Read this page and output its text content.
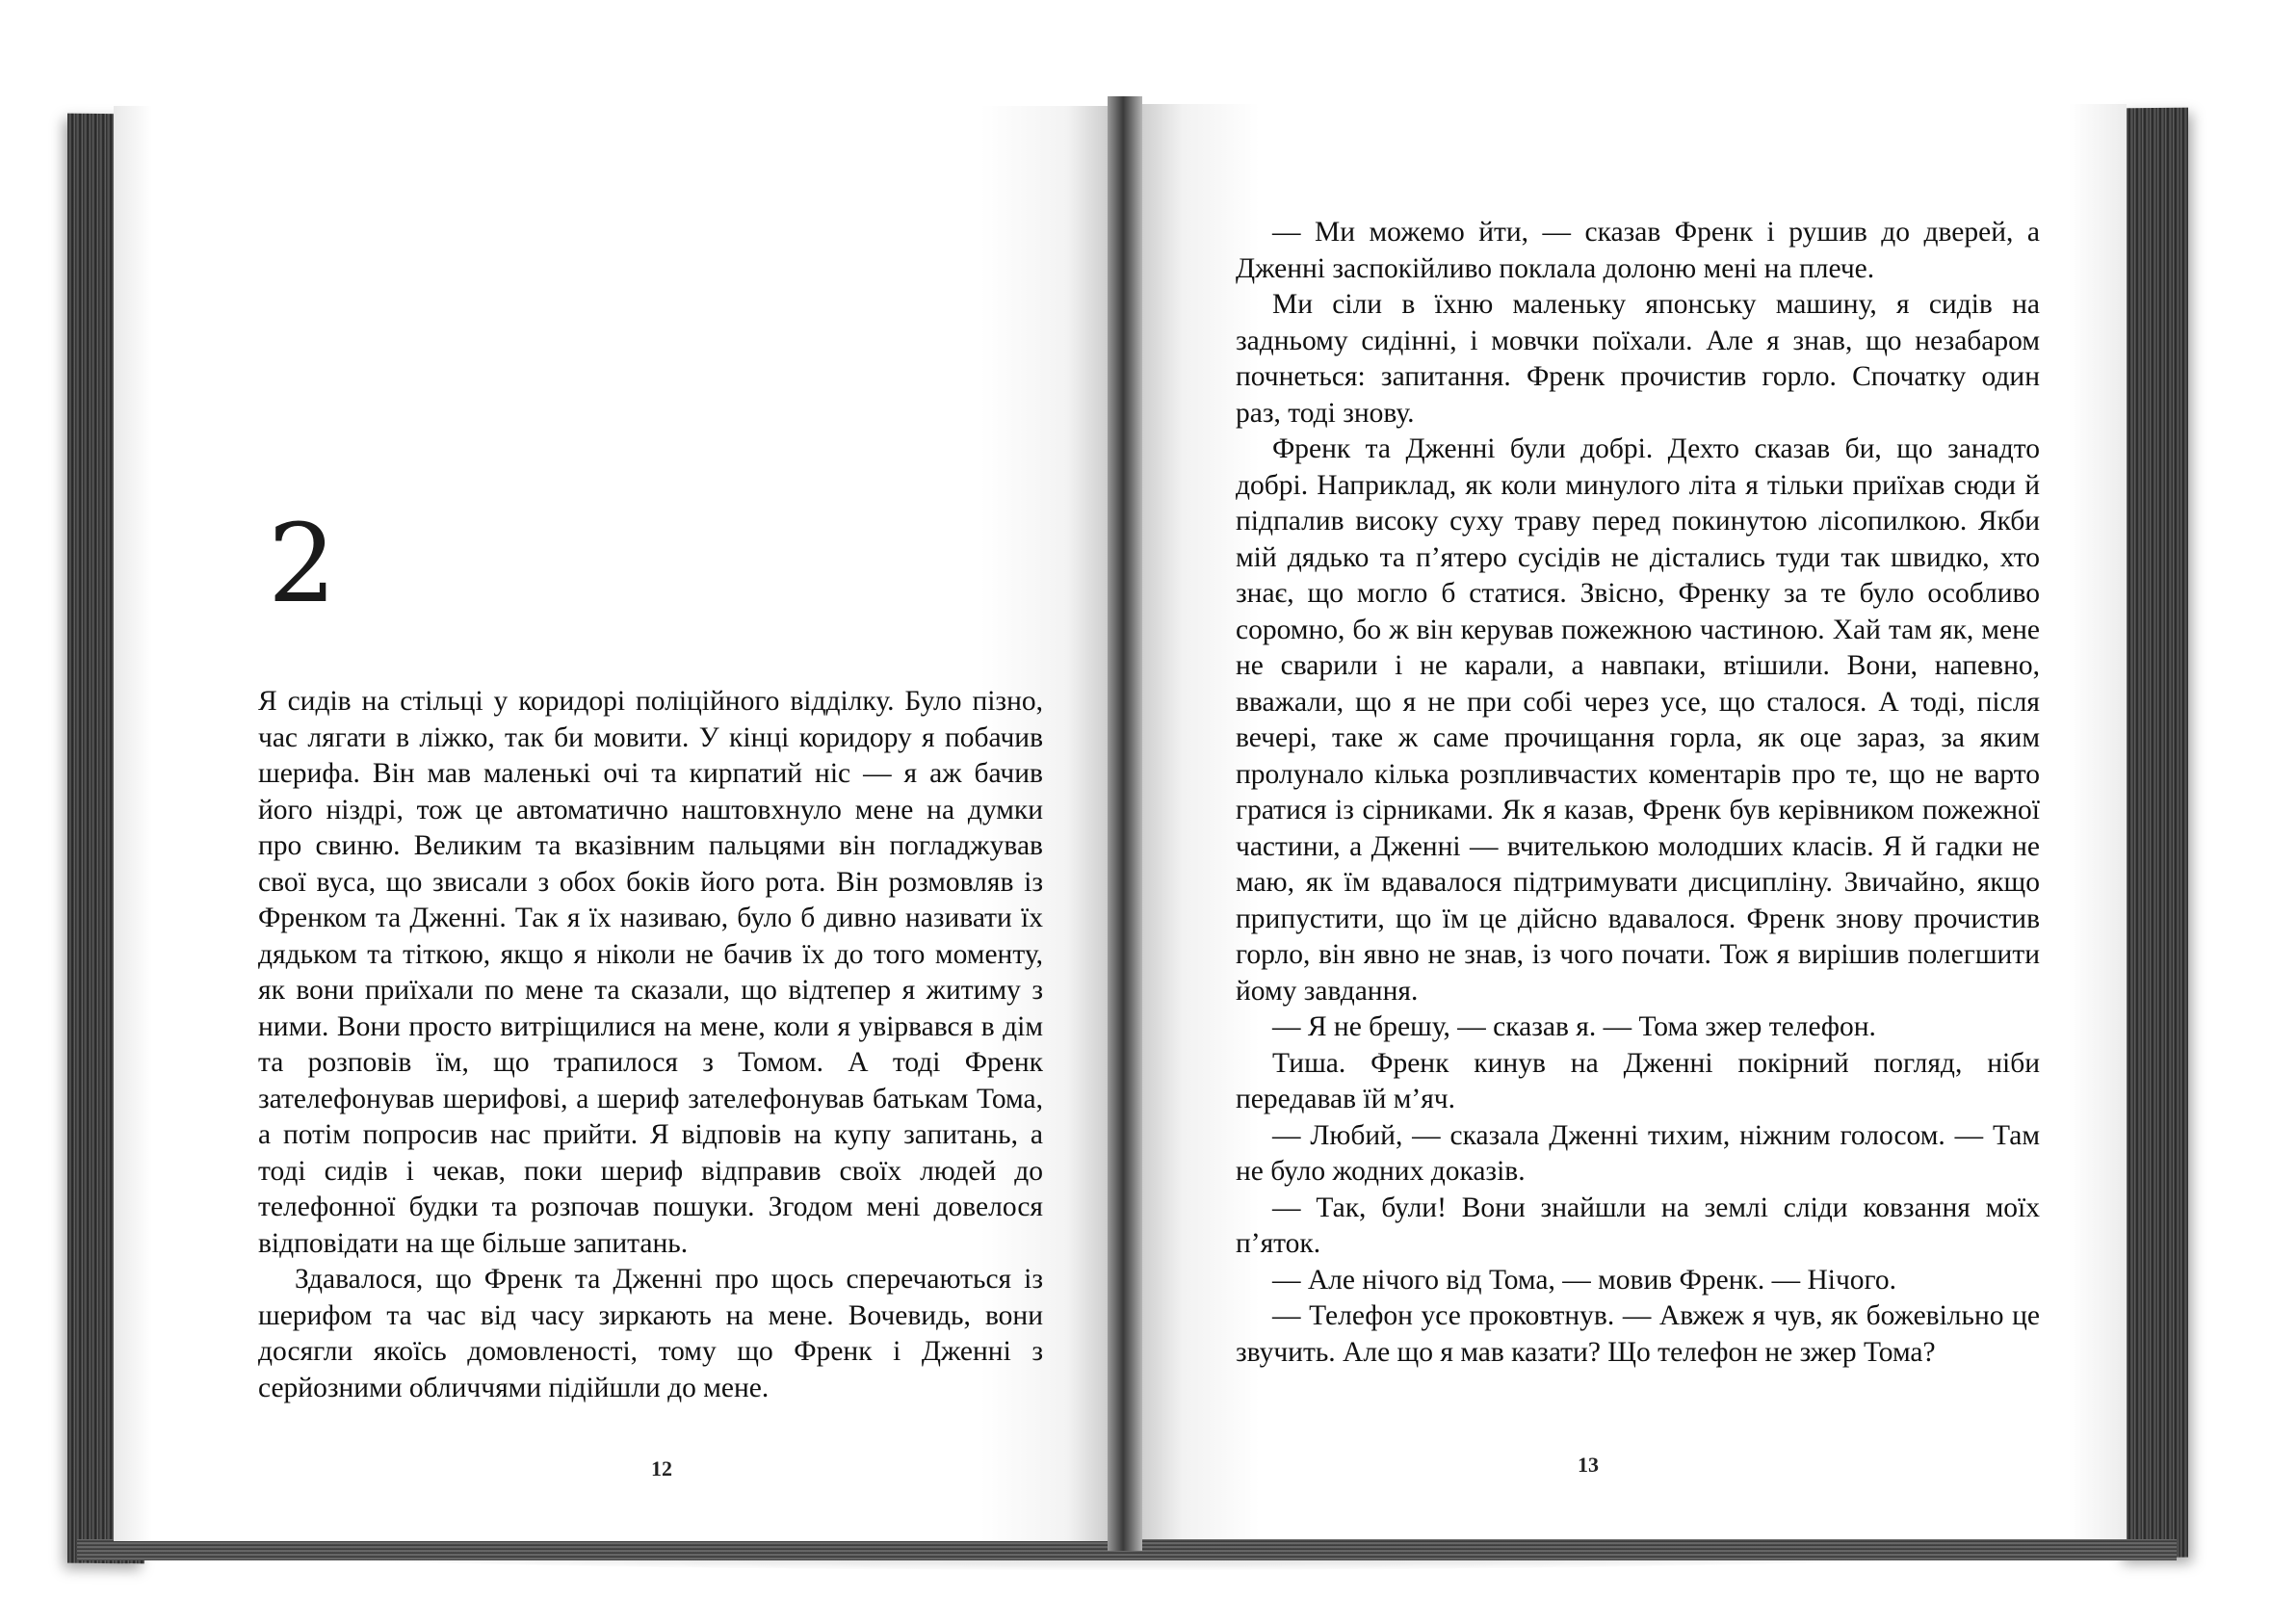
2

Я сидів на стільці у коридорі поліційного відділку. Було пізно, час лягати в ліжко, так би мовити. У кінці коридору я побачив шерифа. Він мав маленькі очі та кирпатий ніс — я аж бачив його ніздрі, тож це автоматично наштовхнуло мене на думки про свиню. Великим та вказівним пальцями він погладжував свої вуса, що звисали з обох боків його рота. Він розмовляв із Френком та Дженні. Так я їх називаю, було б дивно називати їх дядьком та тіткою, якщо я ніколи не бачив їх до того моменту, як вони приїхали по мене та сказали, що відтепер я житиму з ними. Вони просто витріщилися на мене, коли я увірвався в дім та розповів їм, що трапилося з Томом. А тоді Френк зателефонував шерифові, а шериф зателефонував батькам Тома, а потім попросив нас прийти. Я відповів на купу запитань, а тоді сидів і чекав, поки шериф відправив своїх людей до телефонної будки та розпочав пошуки. Згодом мені довелося відповідати на ще більше запитань.

Здавалося, що Френк та Дженні про щось сперечаються із шерифом та час від часу зиркають на мене. Вочевидь, вони досягли якоїсь домовленості, тому що Френк і Дженні з серйозними обличчями підійшли до мене.

12

— Ми можемо йти, — сказав Френк і рушив до дверей, а Дженні заспокійливо поклала долоню мені на плече.

Ми сіли в їхню маленьку японську машину, я сидів на задньому сидінні, і мовчки поїхали. Але я знав, що незабаром почнеться: запитання. Френк прочистив горло. Спочатку один раз, тоді знову.

Френк та Дженні були добрі. Дехто сказав би, що занадто добрі. Наприклад, як коли минулого літа я тільки приїхав сюди й підпалив високу суху траву перед покинутою лісопилкою. Якби мій дядько та п’ятеро сусідів не дістались туди так швидко, хто знає, що могло б статися. Звісно, Френку за те було особливо соромно, бо ж він керував пожежною частиною. Хай там як, мене не сварили і не карали, а навпаки, втішили. Вони, напевно, вважали, що я не при собі через усе, що сталося. А тоді, після вечері, таке ж саме прочищання горла, як оце зараз, за яким пролунало кілька розпливчастих коментарів про те, що не варто гратися із сірниками. Як я казав, Френк був керівником пожежної частини, а Дженні — вчителькою молодших класів. Я й гадки не маю, як їм вдавалося підтримувати дисципліну. Звичайно, якщо припустити, що їм це дійсно вдавалося. Френк знову прочистив горло, він явно не знав, із чого почати. Тож я вирішив полегшити йому завдання.

— Я не брешу, — сказав я. — Тома зжер телефон.

Тиша. Френк кинув на Дженні покірний погляд, ніби передавав їй м’яч.

— Любий, — сказала Дженні тихим, ніжним голосом. — Там не було жодних доказів.

— Так, були! Вони знайшли на землі сліди ковзання моїх п’яток.

— Але нічого від Тома, — мовив Френк. — Нічого.

— Телефон усе проковтнув. — Авжеж я чув, як божевільно це звучить. Але що я мав казати? Що телефон не зжер Тома?

13
